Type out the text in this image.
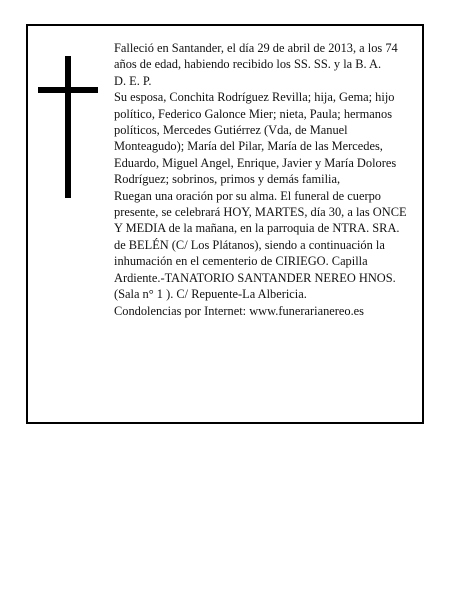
Falleció en Santander, el día 29 de abril de 2013, a los 74 años de edad, habiendo recibido los SS. SS. y la B. A.

D. E. P.

Su esposa, Conchita Rodríguez Revilla; hija, Gema; hijo político, Federico Galonce Mier; nieta, Paula; hermanos políticos, Mercedes Gutiérrez (Vda, de Manuel Monteagudo); María del Pilar, María de las Mercedes, Eduardo, Miguel Angel, Enrique, Javier y María Dolores Rodríguez; sobrinos, primos y demás familia,

Ruegan una oración por su alma. El funeral de cuerpo presente, se celebrará HOY, MARTES, día 30, a las ONCE Y MEDIA de la mañana, en la parroquia de NTRA. SRA. de BELÉN (C/ Los Plátanos), siendo a continuación la inhumación en el cementerio de CIRIEGO. Capilla Ardiente.-TANATORIO SANTANDER NEREO HNOS. (Sala n° 1 ). C/ Repuente-La Albericia.

Condolencias por Internet: www.funerarianereo.es
